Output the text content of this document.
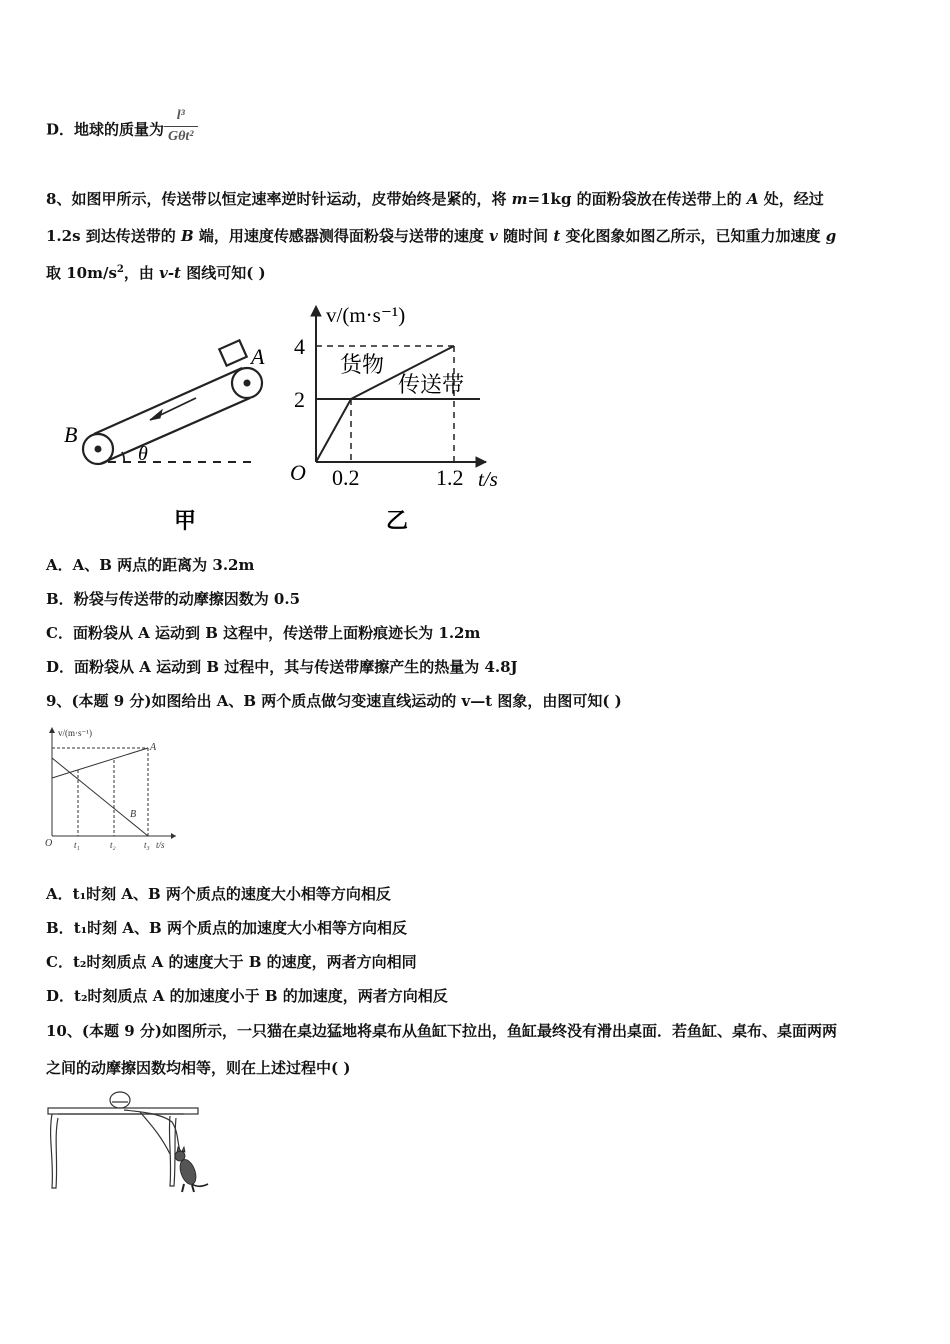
D．地球的质量为 $\frac{\text{l³}}{\text{Gθt²}}$
8、如图甲所示，传送带以恒定速率逆时针运动，皮带始终是紧的，将 m=1kg 的面粉袋放在传送带上的 A 处，经过
1.2s 到达传送带的 B 端，用速度传感器测得面粉袋与送带的速度 v 随时间 t 变化图象如图乙所示，已知重力加速度 g
取 $10m/s^2$，由 v-t 图线可知( )
A
B
θ
甲
v/(m·s⁻¹)
O
4
2
0.2	1.2 t/s
货物
传送带
乙
A．A、B 两点的距离为 3.2m
B．粉袋与传送带的动摩擦因数为 0.5
C．面粉袋从 A 运动到 B 这程中，传送带上面粉痕迹长为 1.2m
D．面粉袋从 A 运动到 B 过程中，其与传送带摩擦产生的热量为 4.8J
9、(本题 9 分)如图给出 A、B 两个质点做匀变速直线运动的 v—t 图象，由图可知( )
v/(m·s⁻¹)
A
B
O t₁	t₂	t₃ t/s
A．t₁时刻 A、B 两个质点的速度大小相等方向相反
B．t₁时刻 A、B 两个质点的加速度大小相等方向相反
C．t₂时刻质点 A 的速度大于 B 的速度，两者方向相同
D．t₂时刻质点 A 的加速度小于 B 的加速度，两者方向相反
10、(本题 9 分)如图所示，一只猫在桌边猛地将桌布从鱼缸下拉出，鱼缸最终没有滑出桌面．若鱼缸、桌布、桌面两两
之间的动摩擦因数均相等，则在上述过程中( )
